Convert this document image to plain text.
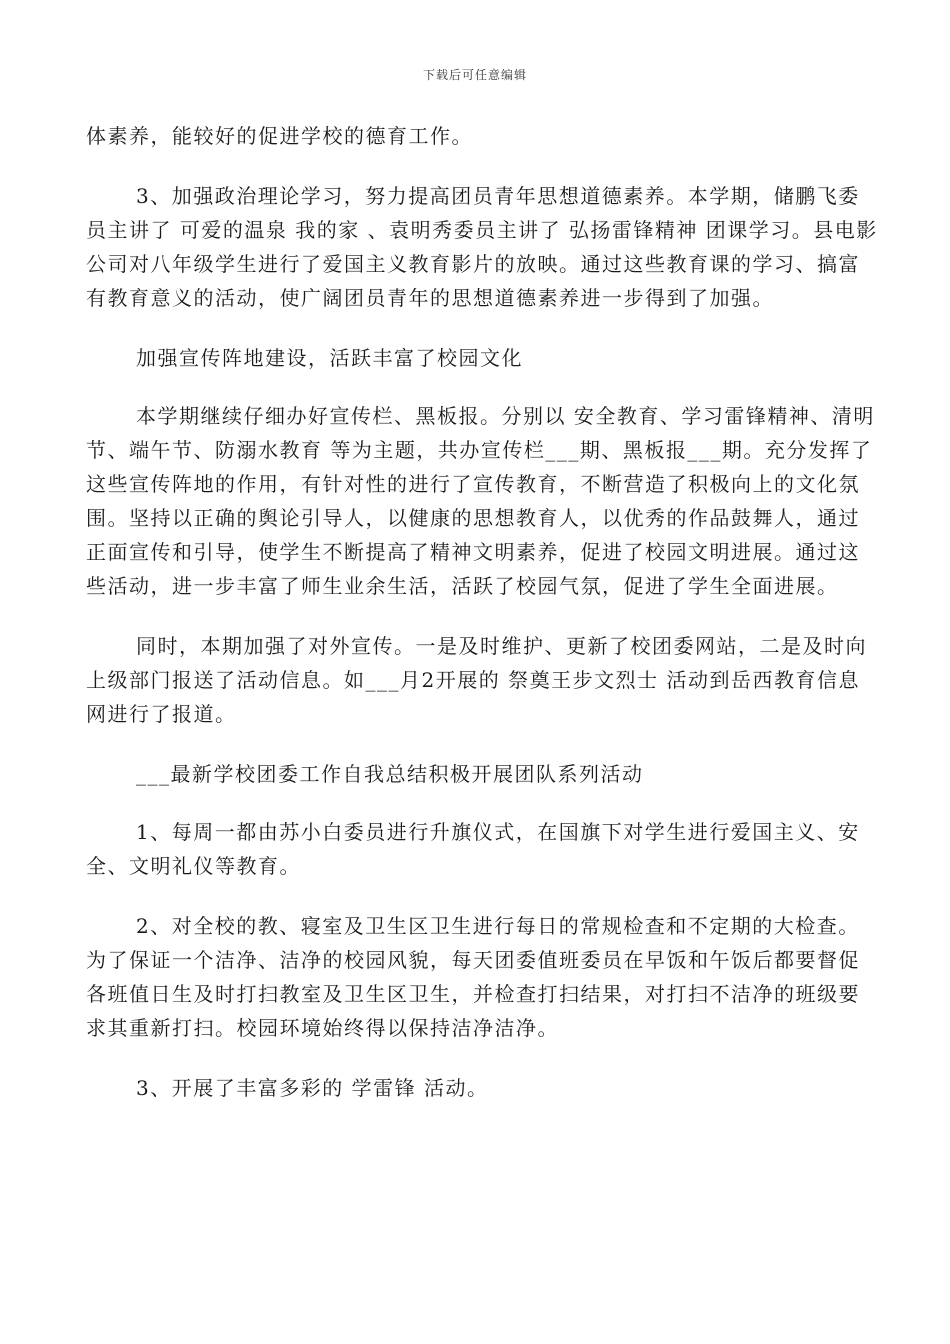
下载后可任意编辑

体素养，能较好的促进学校的德育工作。

3、加强政治理论学习，努力提高团员青年思想道德素养。本学期，储鹏飞委员主讲了 可爱的温泉 我的家 、袁明秀委员主讲了 弘扬雷锋精神 团课学习。县电影公司对八年级学生进行了爱国主义教育影片的放映。通过这些教育课的学习、搞富有教育意义的活动，使广阔团员青年的思想道德素养进一步得到了加强。

加强宣传阵地建设，活跃丰富了校园文化

本学期继续仔细办好宣传栏、黑板报。分别以 安全教育、学习雷锋精神、清明节、端午节、防溺水教育 等为主题，共办宣传栏___期、黑板报___期。充分发挥了这些宣传阵地的作用，有针对性的进行了宣传教育，不断营造了积极向上的文化氛围。坚持以正确的舆论引导人，以健康的思想教育人，以优秀的作品鼓舞人，通过正面宣传和引导，使学生不断提高了精神文明素养，促进了校园文明进展。通过这些活动，进一步丰富了师生业余生活，活跃了校园气氛，促进了学生全面进展。

同时，本期加强了对外宣传。一是及时维护、更新了校团委网站，二是及时向上级部门报送了活动信息。如___月2开展的 祭奠王步文烈士 活动到岳西教育信息网进行了报道。

___最新学校团委工作自我总结积极开展团队系列活动

1、每周一都由苏小白委员进行升旗仪式，在国旗下对学生进行爱国主义、安全、文明礼仪等教育。

2、对全校的教、寝室及卫生区卫生进行每日的常规检查和不定期的大检查。为了保证一个洁净、洁净的校园风貌，每天团委值班委员在早饭和午饭后都要督促各班值日生及时打扫教室及卫生区卫生，并检查打扫结果，对打扫不洁净的班级要求其重新打扫。校园环境始终得以保持洁净洁净。

3、开展了丰富多彩的 学雷锋 活动。
